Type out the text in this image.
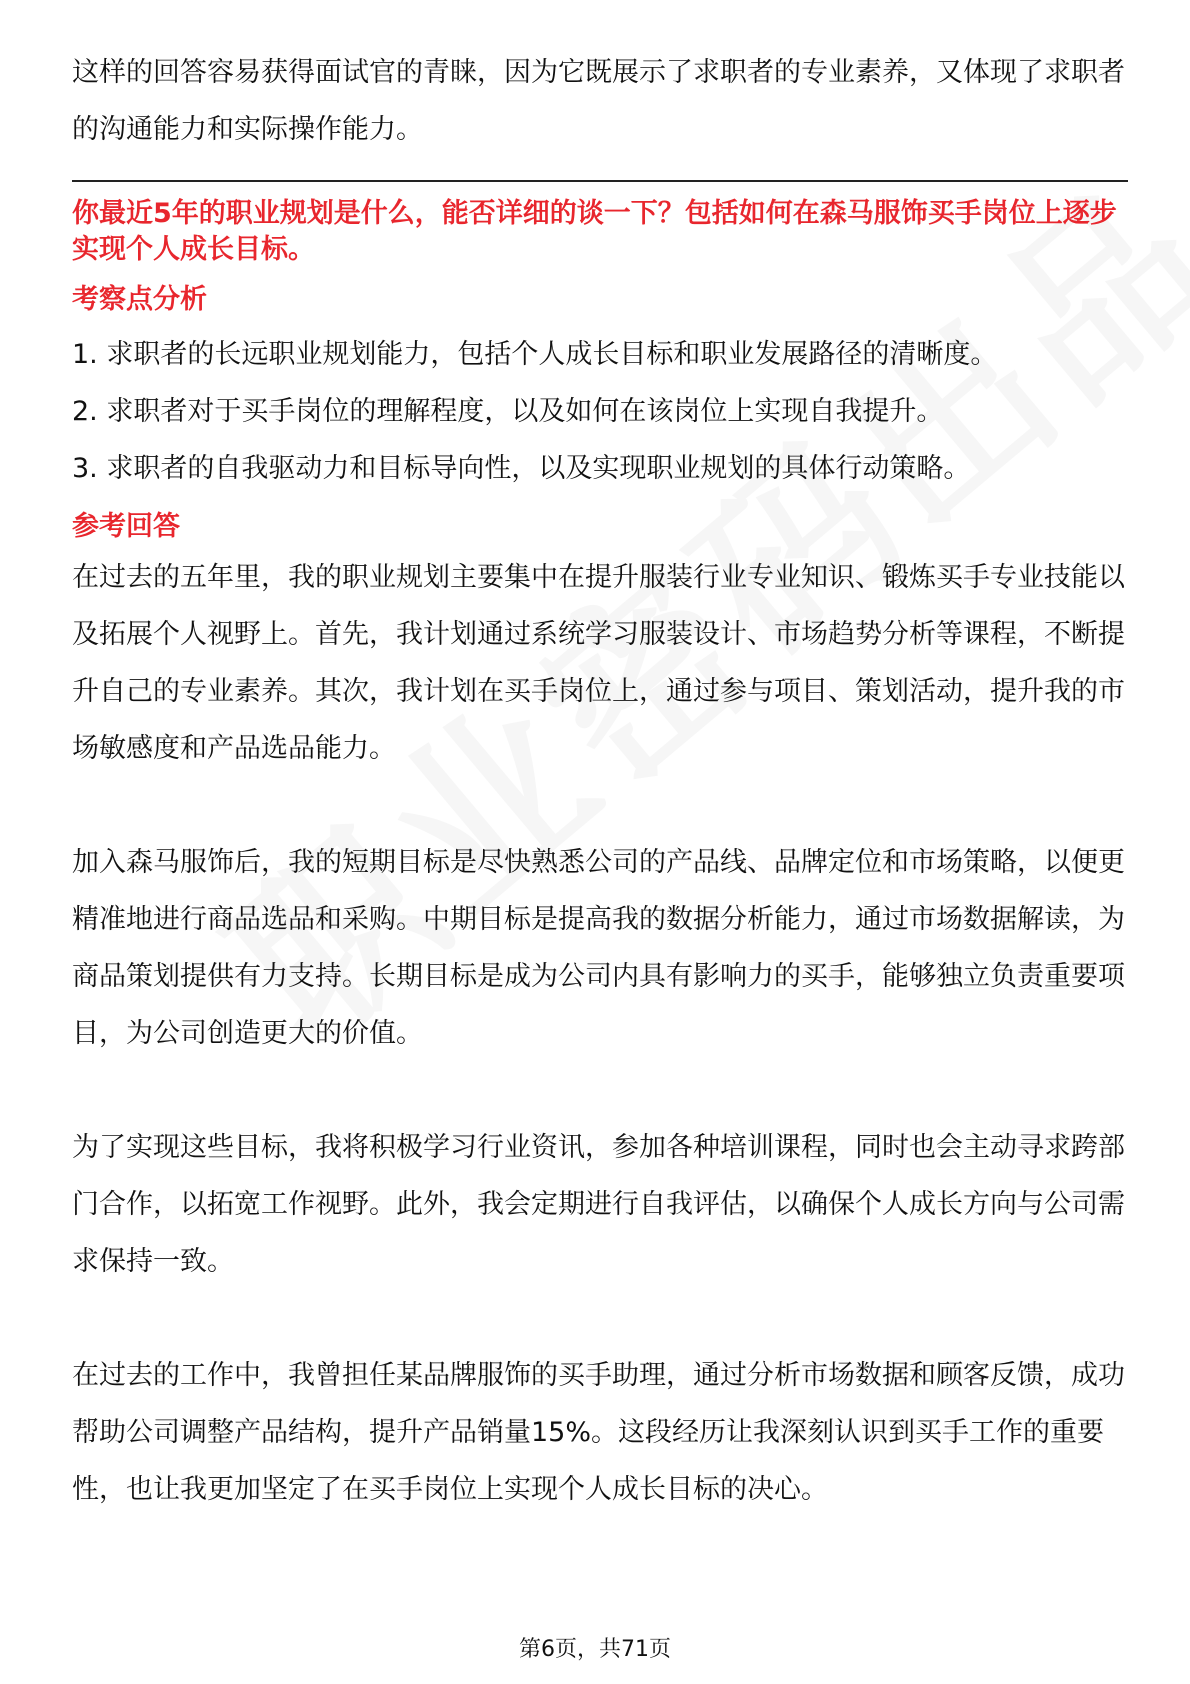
这样的回答容易获得面试官的青睐，因为它既展示了求职者的专业素养，又体现了求职者的沟通能力和实际操作能力。

你最近5年的职业规划是什么，能否详细的谈一下？包括如何在森马服饰买手岗位上逐步实现个人成长目标。

考察点分析

1. 求职者的长远职业规划能力，包括个人成长目标和职业发展路径的清晰度。

2. 求职者对于买手岗位的理解程度，以及如何在该岗位上实现自我提升。

3. 求职者的自我驱动力和目标导向性，以及实现职业规划的具体行动策略。

参考回答

在过去的五年里，我的职业规划主要集中在提升服装行业专业知识、锻炼买手专业技能以及拓展个人视野上。首先，我计划通过系统学习服装设计、市场趋势分析等课程，不断提升自己的专业素养。其次，我计划在买手岗位上，通过参与项目、策划活动，提升我的市场敏感度和产品选品能力。

加入森马服饰后，我的短期目标是尽快熟悉公司的产品线、品牌定位和市场策略，以便更精准地进行商品选品和采购。中期目标是提高我的数据分析能力，通过市场数据解读，为商品策划提供有力支持。长期目标是成为公司内具有影响力的买手，能够独立负责重要项目，为公司创造更大的价值。

为了实现这些目标，我将积极学习行业资讯，参加各种培训课程，同时也会主动寻求跨部门合作，以拓宽工作视野。此外，我会定期进行自我评估，以确保个人成长方向与公司需求保持一致。

在过去的工作中，我曾担任某品牌服饰的买手助理，通过分析市场数据和顾客反馈，成功帮助公司调整产品结构，提升产品销量15%。这段经历让我深刻认识到买手工作的重要性，也让我更加坚定了在买手岗位上实现个人成长目标的决心。

第6页，共71页
